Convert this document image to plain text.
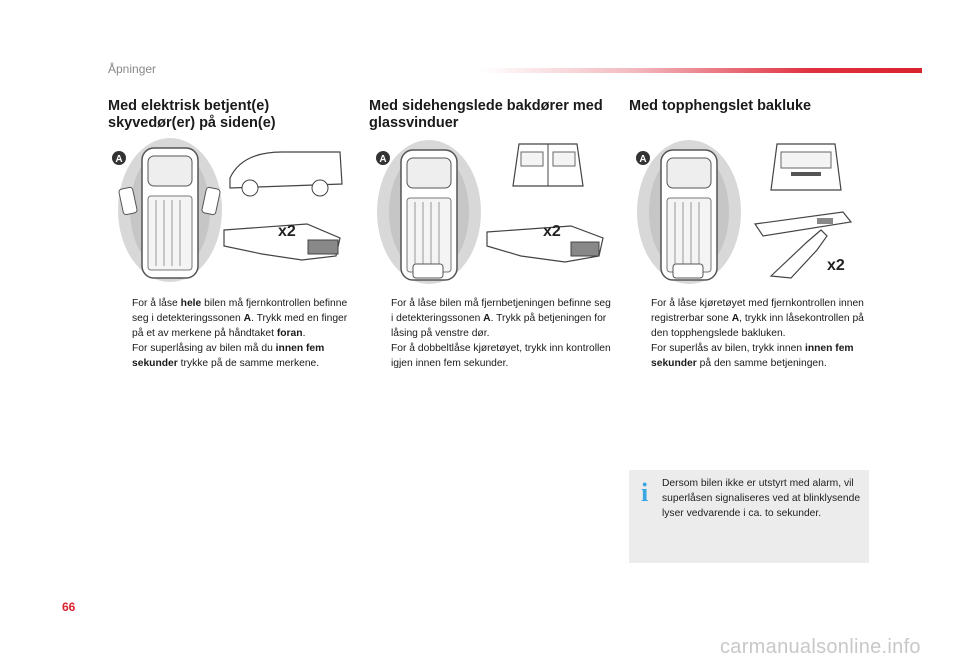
Åpninger
Med elektrisk betjent(e) skyvedør(er) på siden(e)
A
x2
For å låse hele bilen må fjernkontrollen befinne seg i detekteringssonen A. Trykk med en finger på et av merkene på håndtaket foran.
For superlåsing av bilen må du innen fem sekunder trykke på de samme merkene.
Med sidehengslede bakdører med glassvinduer
A
x2
For å låse bilen må fjernbetjeningen befinne seg i detekteringssonen A. Trykk på betjeningen for låsing på venstre dør.
For å dobbeltlåse kjøretøyet, trykk inn kontrollen igjen innen fem sekunder.
Med topphengslet bakluke
A
x2
For å låse kjøretøyet med fjernkontrollen innen registrerbar sone A, trykk inn låsekontrollen på den topphengslede bakluken.
For superlås av bilen, trykk innen innen fem sekunder på den samme betjeningen.
i Dersom bilen ikke er utstyrt med alarm, vil superlåsen signaliseres ved at blinklysende lyser vedvarende i ca. to sekunder.
66
carmanualsonline.info
